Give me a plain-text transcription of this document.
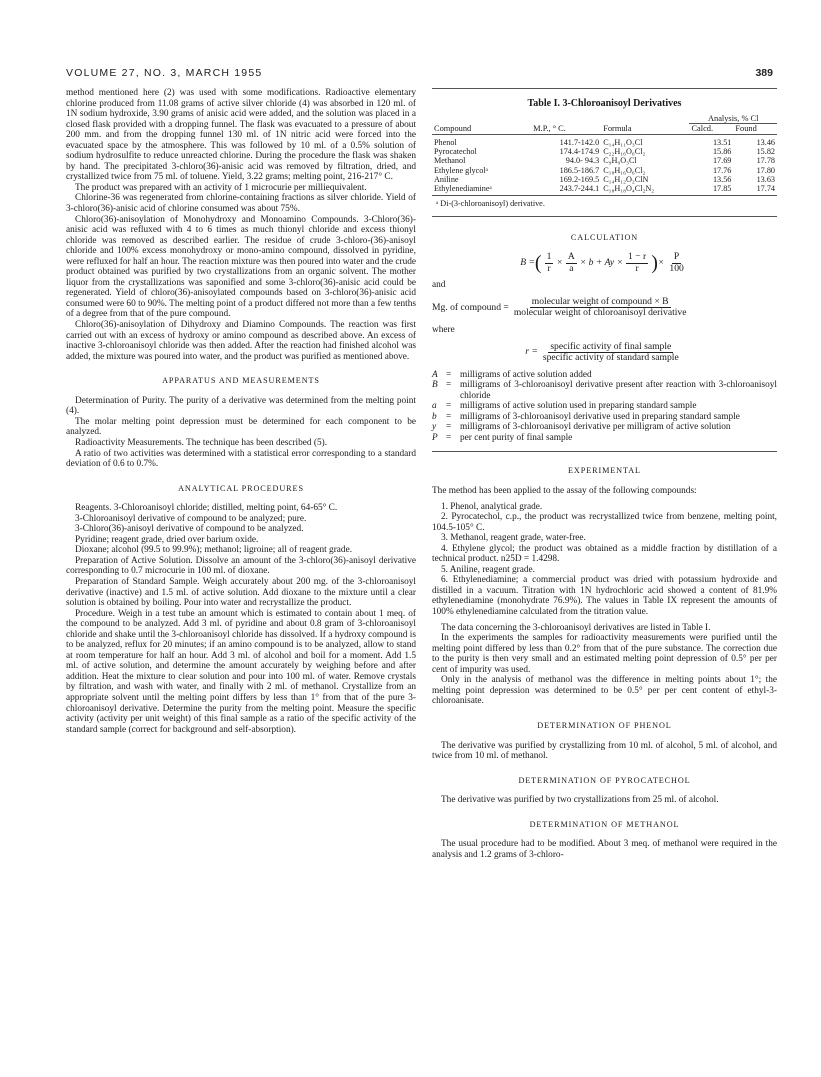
VOLUME 27, NO. 3, MARCH 1955	389

method mentioned here (2) was used with some modifications. Radioactive elementary chlorine produced from 11.08 grams of active silver chloride (4) was absorbed in 120 ml. of 1N sodium hydroxide, 3.90 grams of anisic acid were added, and the solution was placed in a closed flask provided with a dropping funnel. The flask was evacuated to a pressure of about 200 mm. and from the dropping funnel 130 ml. of 1N nitric acid were forced into the evacuated space by the atmosphere. This was followed by 10 ml. of a 0.5% solution of sodium hydrosulfite to reduce unreacted chlorine. During the procedure the flask was shaken by hand. The precipitated 3-chloro(36)-anisic acid was removed by filtration, dried, and crystallized twice from 75 ml. of toluene. Yield, 3.22 grams; melting point, 216-217° C.

The product was prepared with an activity of 1 microcurie per milliequivalent.

Chlorine-36 was regenerated from chlorine-containing fractions as silver chloride. Yield of 3-chloro(36)-anisic acid of chlorine consumed was about 75%.

Chloro(36)-anisoylation of Monohydroxy and Monoamino Compounds. 3-Chloro(36)-anisic acid was refluxed with 4 to 6 times as much thionyl chloride and excess thionyl chloride was removed as described earlier. The residue of crude 3-chloro-(36)-anisoyl chloride and 100% excess monohydroxy or mono-amino compound, dissolved in pyridine, were refluxed for half an hour. The reaction mixture was then poured into water and the crude product obtained was purified by two crystallizations from an organic solvent. The mother liquor from the crystallizations was saponified and some 3-chloro(36)-anisic acid could be regenerated. Yield of chloro(36)-anisoylated compounds based on 3-chloro(36)-anisic acid consumed were 60 to 90%. The melting point of a product differed not more than a few tenths of a degree from that of the pure compound.

Chloro(36)-anisoylation of Dihydroxy and Diamino Compounds. The reaction was first carried out with an excess of hydroxy or amino compound as described above. An excess of inactive 3-chloroanisoyl chloride was then added. After the reaction had finished alcohol was added, the mixture was poured into water, and the product was purified as mentioned above.

APPARATUS AND MEASUREMENTS

Determination of Purity. The purity of a derivative was determined from the melting point (4).

The molar melting point depression must be determined for each component to be analyzed.

Radioactivity Measurements. The technique has been described (5).

A ratio of two activities was determined with a statistical error corresponding to a standard deviation of 0.6 to 0.7%.

ANALYTICAL PROCEDURES

Reagents. 3-Chloroanisoyl chloride; distilled, melting point, 64-65° C.

3-Chloroanisoyl derivative of compound to be analyzed; pure.

3-Chloro(36)-anisoyl derivative of compound to be analyzed.

Pyridine; reagent grade, dried over barium oxide.

Dioxane; alcohol (99.5 to 99.9%); methanol; ligroine; all of reagent grade.

Preparation of Active Solution. Dissolve an amount of the 3-chloro(36)-anisoyl derivative corresponding to 0.7 microcurie in 100 ml. of dioxane.

Preparation of Standard Sample. Weigh accurately about 200 mg. of the 3-chloroanisoyl derivative (inactive) and 1.5 ml. of active solution. Add dioxane to the mixture until a clear solution is obtained by boiling. Pour into water and recrystallize the product.

Procedure. Weigh in a test tube an amount which is estimated to contain about 1 meq. of the compound to be analyzed. Add 3 ml. of pyridine and about 0.8 gram of 3-chloroanisoyl chloride and shake until the 3-chloroanisoyl chloride has dissolved. If a hydroxy compound is to be analyzed, reflux for 20 minutes; if an amino compound is to be analyzed, allow to stand at room temperature for half an hour. Add 3 ml. of alcohol and boil for a moment. Add 1.5 ml. of active solution, and determine the amount accurately by weighing before and after addition. Heat the mixture to clear solution and pour into 100 ml. of water. Remove crystals by filtration, and wash with water, and finally with 2 ml. of methanol. Crystallize from an appropriate solvent until the melting point differs by less than 1° from that of the pure 3-chloroanisoyl derivative. Determine the purity from the melting point. Measure the specific activity (activity per unit weight) of this final sample as a ratio of the specific activity of the standard sample (correct for background and self-absorption).

Table I. 3-Chloroanisoyl Derivatives
			Analysis, % Cl	
Compound	M.P., ° C.	Formula	Calcd.	Found
Phenol	141.7-142.0	C₁₄H₁₁O₃Cl	13.51	13.46
Pyrocatechol	174.4-174.9	C₂₂H₁₆O₆Cl₂	15.86	15.82
Methanol	94.0- 94.3	C₉H₉O₃Cl	17.69	17.78
Ethylene glycolᵃ	186.5-186.7	C₁₈H₁₆O₆Cl₂	17.76	17.80
Aniline	169.2-169.5	C₁₄H₁₂O₂ClN	13.56	13.63
Ethylenediamineᵃ	243.7-244.1	C₁₈H₁₈O₄Cl₂N₂	17.85	17.74
ᵃ Di-(3-chloroanisoyl) derivative.
CALCULATION
B = ( $\frac{1}{r} \times \frac{A}{a} \times b + Ay \times \frac{1 - r}{r}$ ) × $\frac{P}{100}$
and
Mg. of compound = $\frac{\text{molecular weight of compound × B}}{\text{molecular weight of chloroanisoyl derivative}}$
where
$r = \frac{\text{specific activity of final sample}}{\text{specific activity of standard sample}}$
A = milligrams of active solution added
B = milligrams of 3-chloroanisoyl derivative present after reaction with 3-chloroanisoyl chloride
a	= milligrams of active solution used in preparing standard sample
b	= milligrams of 3-chloroanisoyl derivative used in preparing standard sample
y	= milligrams of 3-chloroanisoyl derivative per milligram of active solution
P = per cent purity of final sample
EXPERIMENTAL

The method has been applied to the assay of the following compounds:

1. Phenol, analytical grade.

2. Pyrocatechol, c.p., the product was recrystallized twice from benzene, melting point, 104.5-105° C.

3. Methanol, reagent grade, water-free.

4. Ethylene glycol; the product was obtained as a middle fraction by distillation of a technical product. n25D = 1.4298.

5. Aniline, reagent grade.

6. Ethylenediamine; a commercial product was dried with potassium hydroxide and distilled in a vacuum. Titration with 1N hydrochloric acid showed a content of 81.9% ethylenediamine (monohydrate 76.9%). The values in Table IX represent the amounts of 100% ethylenediamine calculated from the titration value.

The data concerning the 3-chloroanisoyl derivatives are listed in Table I.

In the experiments the samples for radioactivity measurements were purified until the melting point differed by less than 0.2° from that of the pure substance. The correction due to the purity is then very small and an estimated melting point depression of 0.5° per per cent of impurity was used.

Only in the analysis of methanol was the difference in melting points about 1°; the melting point depression was determined to be 0.5° per per cent content of ethyl-3-chloroanisate.

DETERMINATION OF PHENOL

The derivative was purified by crystallizing from 10 ml. of alcohol, 5 ml. of alcohol, and twice from 10 ml. of methanol.

DETERMINATION OF PYROCATECHOL

The derivative was purified by two crystallizations from 25 ml. of alcohol.

DETERMINATION OF METHANOL

The usual procedure had to be modified. About 3 meq. of methanol were required in the analysis and 1.2 grams of 3-chloro-
